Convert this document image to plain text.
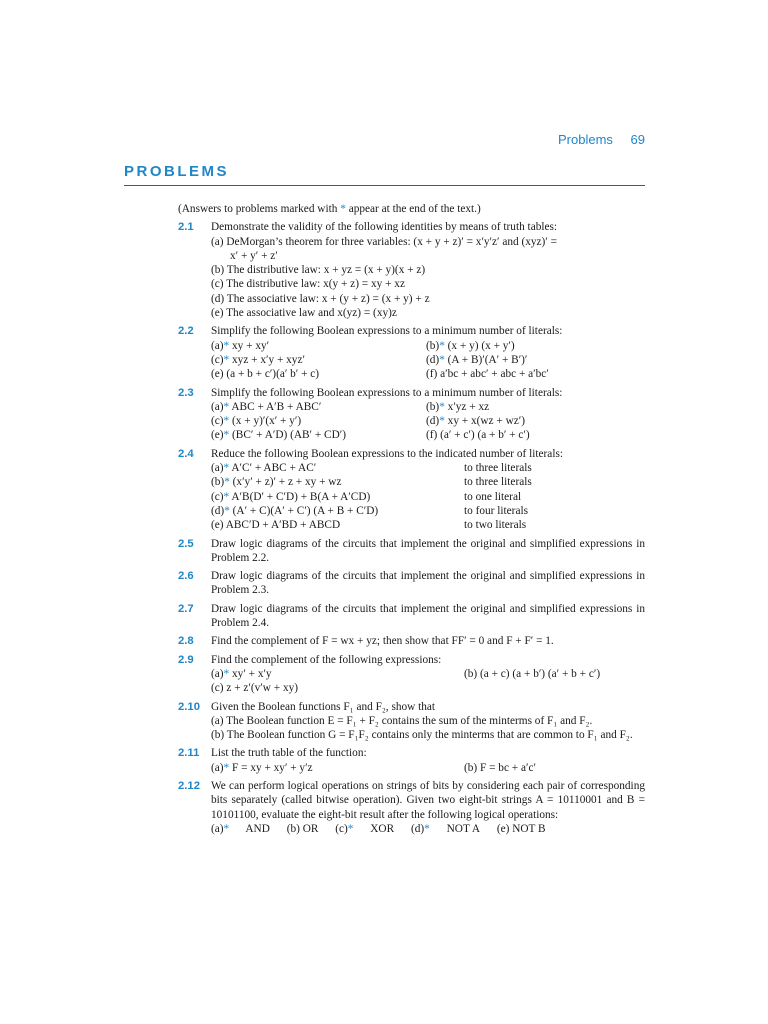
Problems 69
PROBLEMS
(Answers to problems marked with * appear at the end of the text.)
2.1 Demonstrate the validity of the following identities by means of truth tables:
(a) DeMorgan’s theorem for three variables: (x + y + z)′ = x′y′z′ and (xyz)′ =
x′ + y′ + z′
(b) The distributive law: x + yz = (x + y)(x + z)
(c) The distributive law: x(y + z) = xy + xz
(d) The associative law: x + (y + z) = (x + y) + z
(e) The associative law and x(yz) = (xy)z
2.2 Simplify the following Boolean expressions to a minimum number of literals:
(a)* xy + xy′	(b)* (x + y) (x + y′)
(c)* xyz + x′y + xyz′	(d)* (A + B)′(A′ + B′)′
(e) (a + b + c′)(a′ b′ + c)	(f) a′bc + abc′ + abc + a′bc′
2.3 Simplify the following Boolean expressions to a minimum number of literals:
(a)* ABC + A′B + ABC′	(b)* x′yz + xz
(c)* (x + y)′(x′ + y′)	(d)* xy + x(wz + wz′)
(e)* (BC′ + A′D) (AB′ + CD′)	(f) (a′ + c′) (a + b′ + c′)
2.4 Reduce the following Boolean expressions to the indicated number of literals:
(a)* A′C′ + ABC + AC′	to three literals
(b)* (x′y′ + z)′ + z + xy + wz	to three literals
(c)* A′B(D′ + C′D) + B(A + A′CD)	to one literal
(d)* (A′ + C)(A′ + C′) (A + B + C′D)	to four literals
(e) ABC′D + A′BD + ABCD	to two literals
2.5 Draw logic diagrams of the circuits that implement the original and simplified expressions in Problem 2.2.
2.6 Draw logic diagrams of the circuits that implement the original and simplified expressions in Problem 2.3.
2.7 Draw logic diagrams of the circuits that implement the original and simplified expressions in Problem 2.4.
2.8 Find the complement of F = wx + yz; then show that FF′ = 0 and F + F′ = 1.
2.9 Find the complement of the following expressions:
(a)* xy′ + x′y	(b) (a + c) (a + b′) (a′ + b + c′)
(c) z + z′(v′w + xy)
2.10 Given the Boolean functions F₁ and F₂, show that
(a) The Boolean function E = F₁ + F₂ contains the sum of the minterms of F₁ and F₂.
(b) The Boolean function G = F₁F₂ contains only the minterms that are common to F₁ and F₂.
2.11 List the truth table of the function:
(a)* F = xy + xy′ + y′z	(b) F = bc + a′c′
2.12 We can perform logical operations on strings of bits by considering each pair of corresponding bits separately (called bitwise operation). Given two eight-bit strings A = 10110001 and B = 10101100, evaluate the eight-bit result after the following logical operations:
(a)* AND (b) OR (c)* XOR (d)* NOT A (e) NOT B
